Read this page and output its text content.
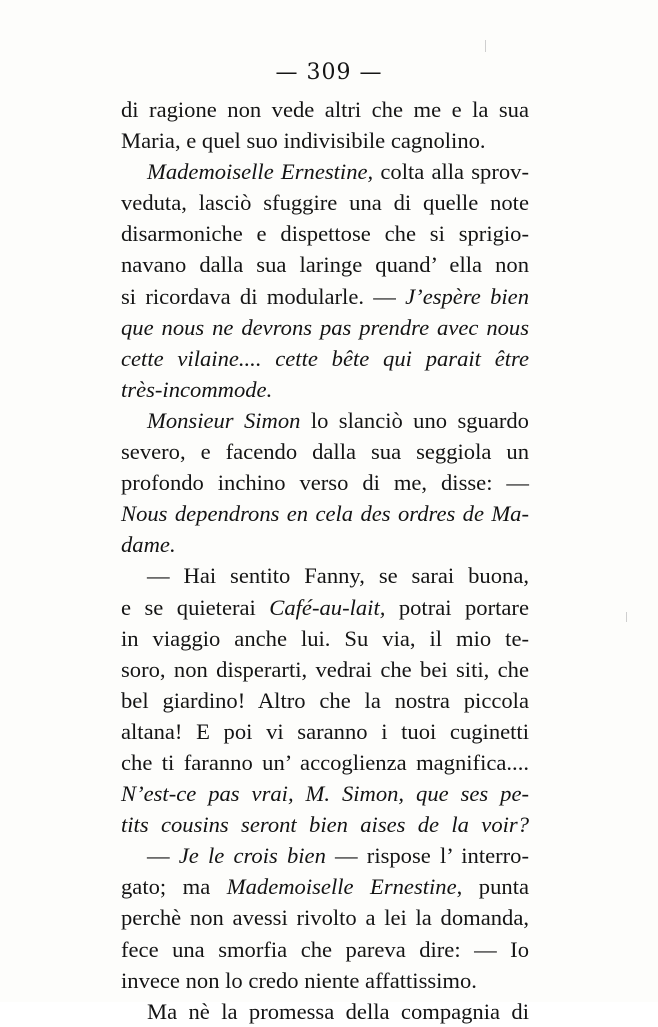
— 309 —
di ragione non vede altri che me e la sua
Maria, e quel suo indivisibile cagnolino.
Mademoiselle Ernestine, colta alla sprov-
veduta, lasciò sfuggire una di quelle note
disarmoniche e dispettose che si sprigio-
navano dalla sua laringe quand’ ella non
si ricordava di modularle. — J’espère bien
que nous ne devrons pas prendre avec nous
cette vilaine.... cette bête qui parait être
très-incommode.
Monsieur Simon lo slanciò uno sguardo
severo, e facendo dalla sua seggiola un
profondo inchino verso di me, disse: —
Nous dependrons en cela des ordres de Ma-
dame.
— Hai sentito Fanny, se sarai buona,
e se quieterai Café-au-lait, potrai portare
in viaggio anche lui. Su via, il mio te-
soro, non disperarti, vedrai che bei siti, che
bel giardino! Altro che la nostra piccola
altana! E poi vi saranno i tuoi cuginetti
che ti faranno un’ accoglienza magnifica....
N’est-ce pas vrai, M. Simon, que ses pe-
tits cousins seront bien aises de la voir?
— Je le crois bien — rispose l’ interro-
gato; ma Mademoiselle Ernestine, punta
perchè non avessi rivolto a lei la domanda,
fece una smorfia che pareva dire: — Io
invece non lo credo niente affattissimo.
Ma nè la promessa della compagnia di
